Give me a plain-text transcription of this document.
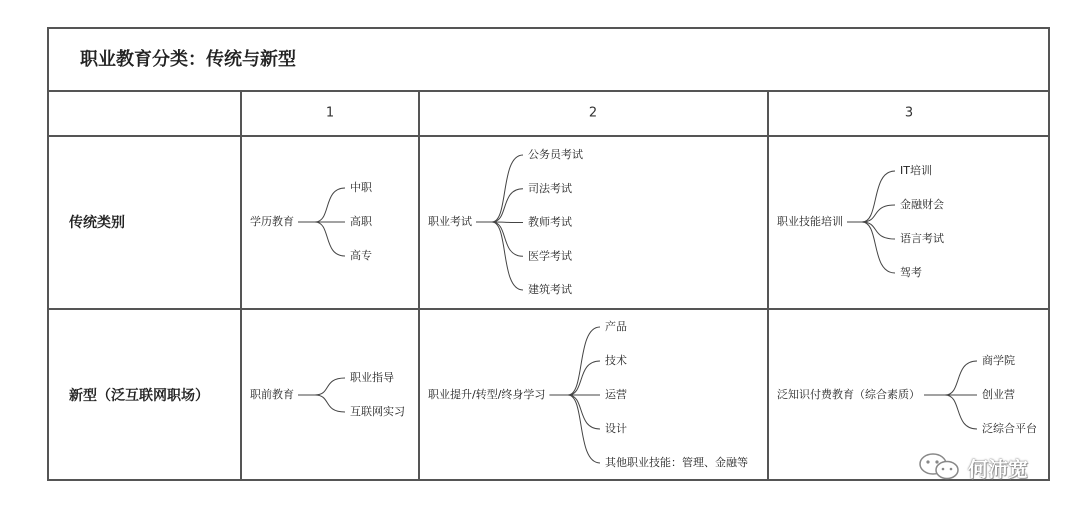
职业教育分类：传统与新型
1	2	3
传统类别
新型（泛互联网职场）
学历教育
中职
高职
高专
职业考试
公务员考试
司法考试
教师考试
医学考试
建筑考试
职业技能培训
IT培训
金融财会
语言考试
驾考
职前教育
职业指导
互联网实习
职业提升/转型/终身学习
产品
技术
运营
设计
其他职业技能：管理、金融等
泛知识付费教育（综合素质）
商学院
创业营
泛综合平台
何沛宽
